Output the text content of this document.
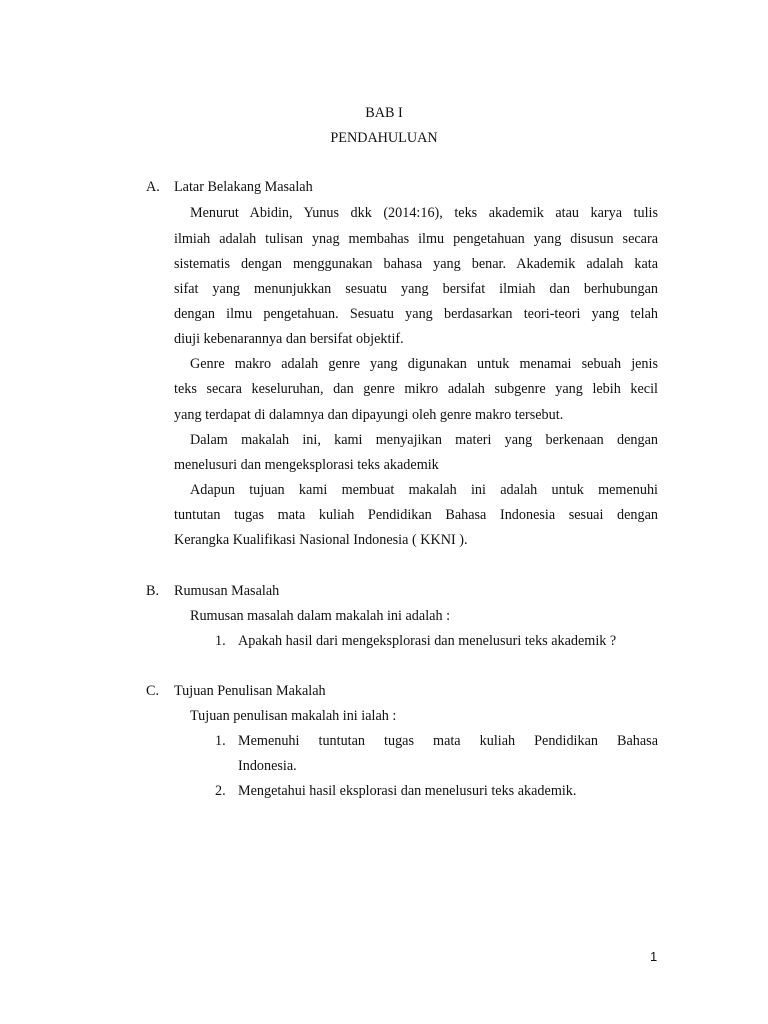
BAB I
PENDAHULUAN
A. Latar Belakang Masalah
Menurut Abidin, Yunus dkk (2014:16), teks akademik atau karya tulis
ilmiah adalah tulisan ynag membahas ilmu pengetahuan yang disusun secara
sistematis dengan menggunakan bahasa yang benar. Akademik adalah kata
sifat yang menunjukkan sesuatu yang bersifat ilmiah dan berhubungan
dengan ilmu pengetahuan. Sesuatu yang berdasarkan teori-teori yang telah
diuji kebenarannya dan bersifat objektif.
Genre makro adalah genre yang digunakan untuk menamai sebuah jenis
teks secara keseluruhan, dan genre mikro adalah subgenre yang lebih kecil
yang terdapat di dalamnya dan dipayungi oleh genre makro tersebut.
Dalam makalah ini, kami menyajikan materi yang berkenaan dengan
menelusuri dan mengeksplorasi teks akademik
Adapun tujuan kami membuat makalah ini adalah untuk memenuhi
tuntutan tugas mata kuliah Pendidikan Bahasa Indonesia sesuai dengan
Kerangka Kualifikasi Nasional Indonesia ( KKNI ).
B. Rumusan Masalah
Rumusan masalah dalam makalah ini adalah :
1. Apakah hasil dari mengeksplorasi dan menelusuri teks akademik ?
C. Tujuan Penulisan Makalah
Tujuan penulisan makalah ini ialah :
1. Memenuhi tuntutan tugas mata kuliah Pendidikan Bahasa
Indonesia.
2. Mengetahui hasil eksplorasi dan menelusuri teks akademik.
1
